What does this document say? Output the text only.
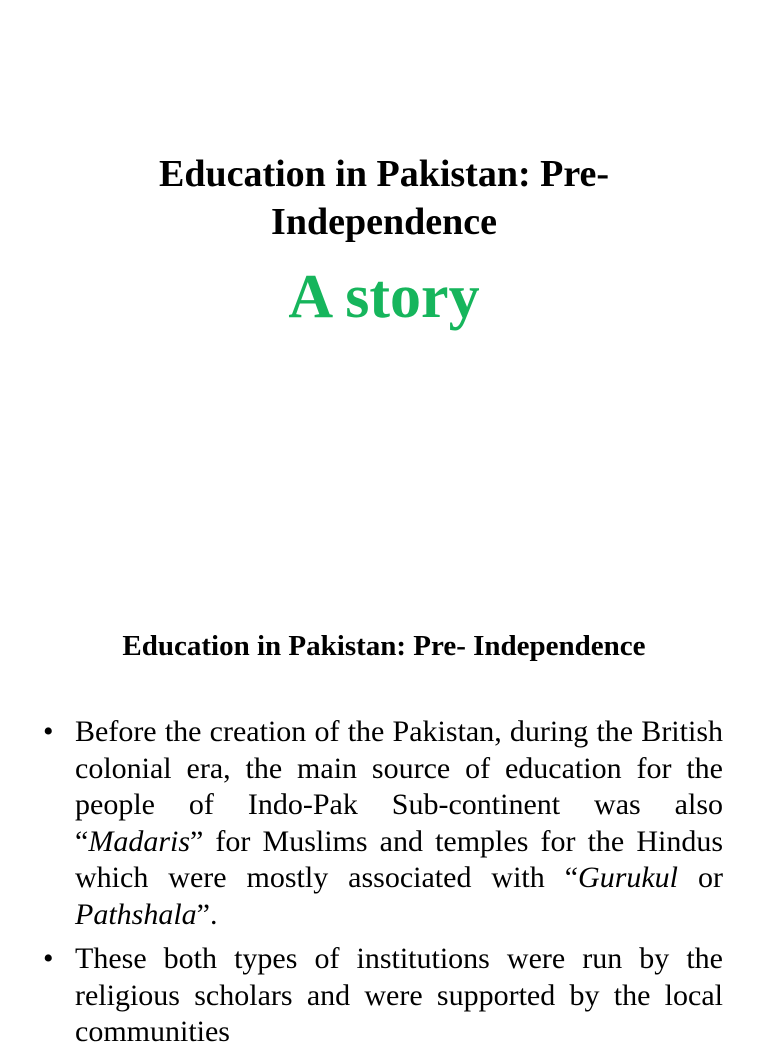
Education in Pakistan: Pre- Independence
A story
Education in Pakistan: Pre- Independence
• Before the creation of the Pakistan, during the British colonial era, the main source of education for the people of Indo-Pak Sub-continent was also “Madaris” for Muslims and temples for the Hindus which were mostly associated with “Gurukul or Pathshala”.
• These both types of institutions were run by the religious scholars and were supported by the local communities
